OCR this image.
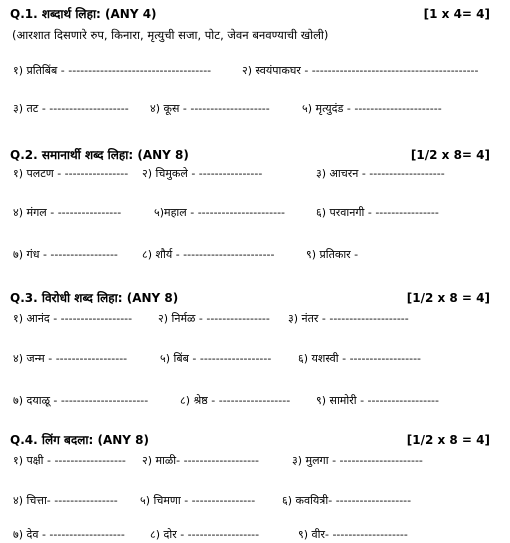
Q.1. शब्दार्थ लिहा: (ANY 4)	[1 x 4= 4]
(आरशात दिसणारे रुप, किनारा, मृत्युची सजा, पोट, जेवन बनवण्याची खोली)
१) प्रतिबिंब - ------------------------------------	२) स्वयंपाकघर - ------------------------------------------
३) तट - -------------------- ४) कूस - --------------------	५) मृत्युदंड - ----------------------
Q.2. समानार्थी शब्द लिहा: (ANY 8)	[1/2 x 8= 4]
१) पलटण - ---------------- २) चिमुकले - ----------------	३) आचरन - -------------------
४) मंगल - ----------------	५)महाल - ----------------------	६) परवानगी - ----------------
७) गंध - ----------------- ८) शौर्य - -----------------------	९) प्रतिकार -
Q.3. विरोधी शब्द लिहा: (ANY 8)	[1/2 x 8 = 4]
१) आनंद - ------------------ २) निर्मळ - ---------------- ३) नंतर - --------------------
४) जन्म - ------------------	५) बिंब - ------------------ ६) यशस्वी - ------------------
७) दयाळू - ----------------------	८) श्रेष्ठ - ------------------ ९) सामोरी - ------------------
Q.4. लिंग बदला: (ANY 8)	[1/2 x 8 = 4]
१) पक्षी - ------------------ २) माळी- -------------------	३) मुलगा - ---------------------
४) चित्ता- ---------------- ५) चिमणा - ---------------- ६) कवयित्री- -------------------
७) देव - ------------------- ८) दोर - ------------------	९) वीर- -------------------
